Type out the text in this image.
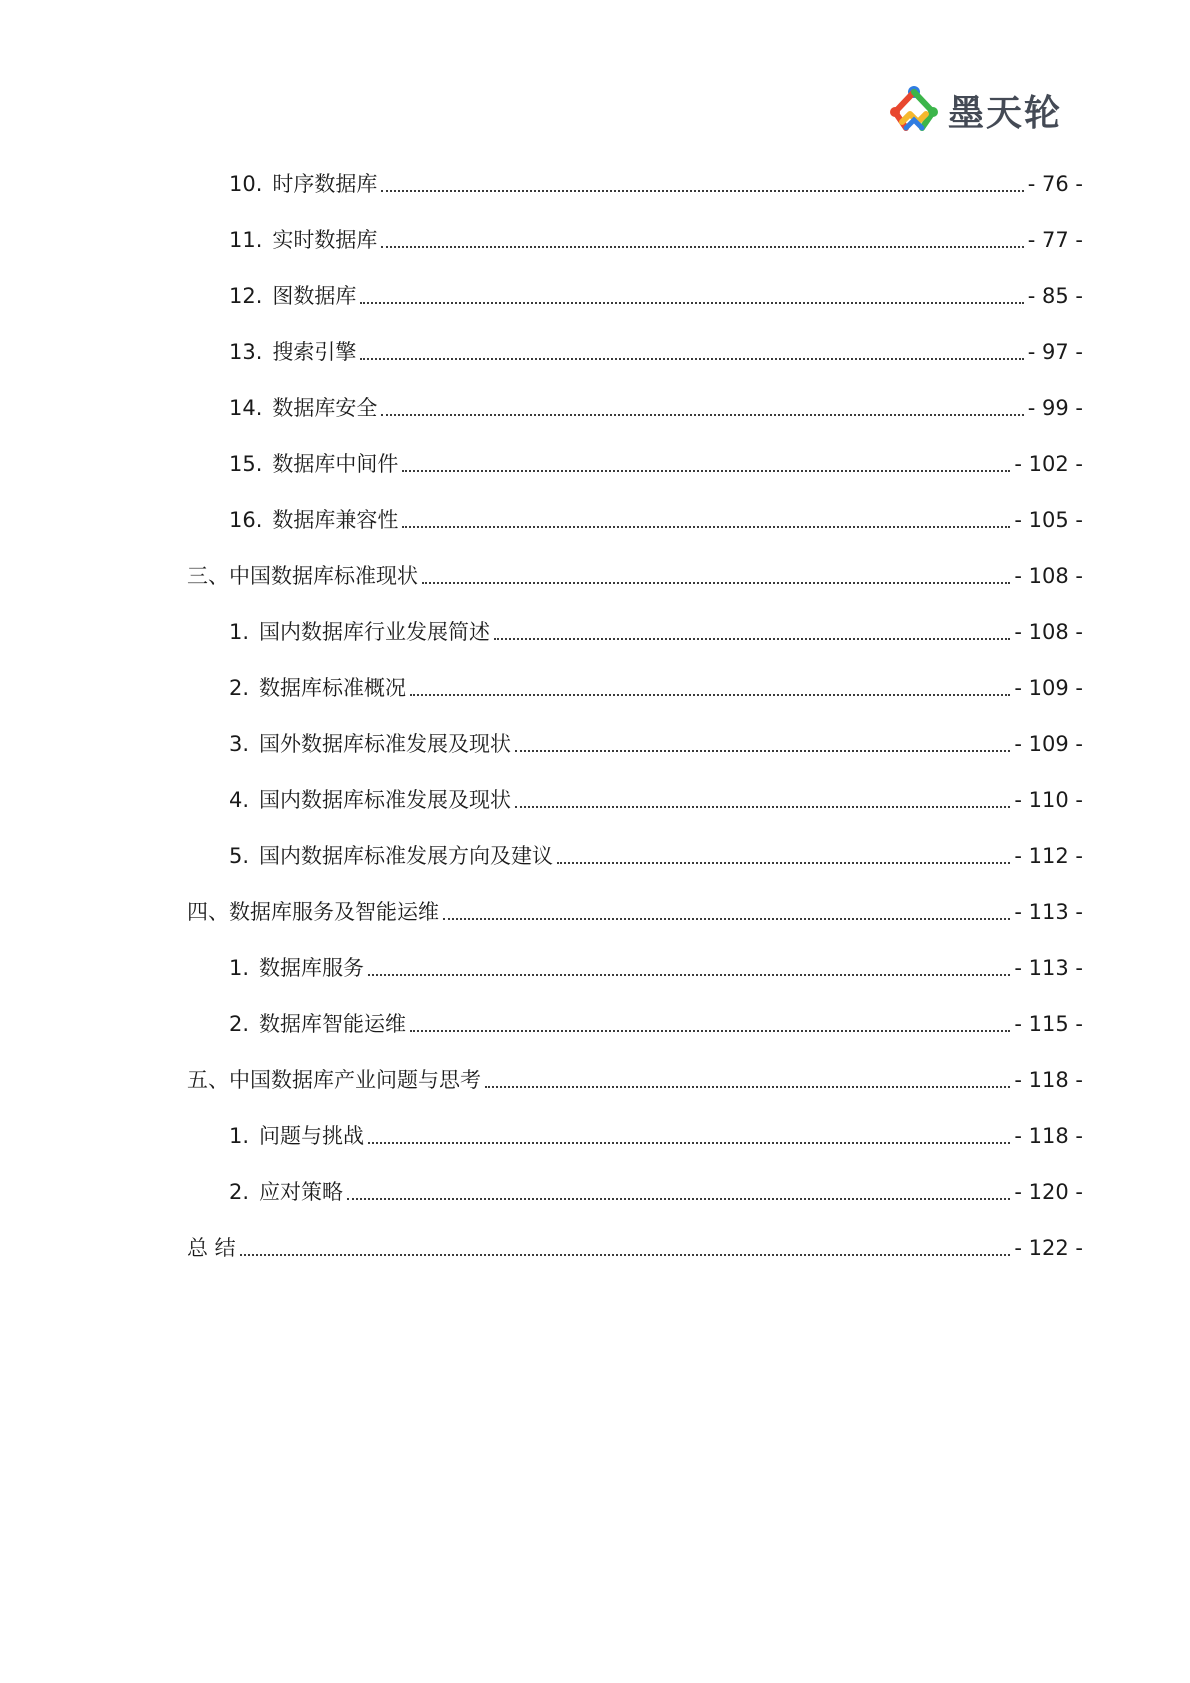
墨天轮
10. 时序数据库	- 76 -
11. 实时数据库	- 77 -
12. 图数据库	- 85 -
13. 搜索引擎	- 97 -
14. 数据库安全	- 99 -
15. 数据库中间件	- 102 -
16. 数据库兼容性	- 105 -
三、 中国数据库标准现状	- 108 -
1. 国内数据库行业发展简述	- 108 -
2. 数据库标准概况	- 109 -
3. 国外数据库标准发展及现状	- 109 -
4. 国内数据库标准发展及现状	- 110 -
5. 国内数据库标准发展方向及建议	- 112 -
四、 数据库服务及智能运维	- 113 -
1. 数据库服务	- 113 -
2. 数据库智能运维	- 115 -
五、 中国数据库产业问题与思考	- 118 -
1. 问题与挑战	- 118 -
2. 应对策略	- 120 -
总 结	- 122 -
